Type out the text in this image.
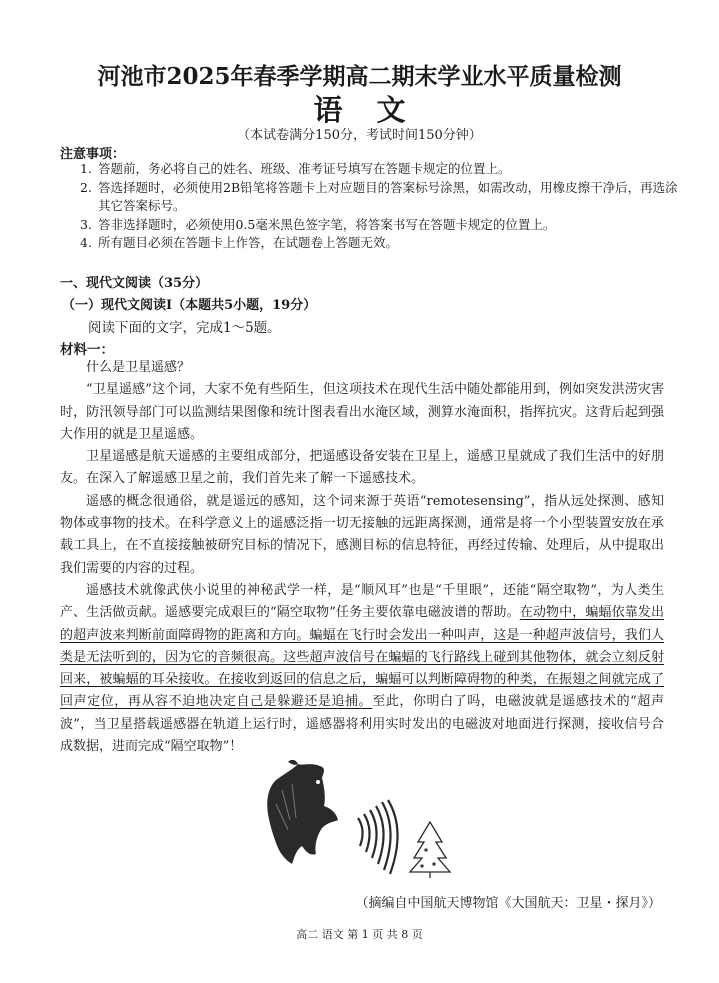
河池市2025年春季学期高二期末学业水平质量检测
语文
（本试卷满分150分，考试时间150分钟）
注意事项：
1. 答题前，务必将自己的姓名、班级、准考证号填写在答题卡规定的位置上。
2. 答选择题时，必须使用2B铅笔将答题卡上对应题目的答案标号涂黑，如需改动，用橡皮擦干净后，再选涂其它答案标号。
3. 答非选择题时，必须使用0.5毫米黑色签字笔，将答案书写在答题卡规定的位置上。
4. 所有题目必须在答题卡上作答，在试题卷上答题无效。
一、现代文阅读（35分）
（一）现代文阅读I（本题共5小题，19分）
阅读下面的文字，完成1～5题。
材料一：

什么是卫星遥感？

“卫星遥感”这个词，大家不免有些陌生，但这项技术在现代生活中随处都能用到，例如突发洪涝灾害时，防汛领导部门可以监测结果图像和统计图表看出水淹区域，测算水淹面积，指挥抗灾。这背后起到强大作用的就是卫星遥感。

卫星遥感是航天遥感的主要组成部分，把遥感设备安装在卫星上，遥感卫星就成了我们生活中的好朋友。在深入了解遥感卫星之前，我们首先来了解一下遥感技术。

遥感的概念很通俗，就是遥远的感知，这个词来源于英语“remotesensing”，指从远处探测、感知物体或事物的技术。在科学意义上的遥感泛指一切无接触的远距离探测，通常是将一个小型装置安放在承载工具上，在不直接接触被研究目标的情况下，感测目标的信息特征，再经过传输、处理后，从中提取出我们需要的内容的过程。

遥感技术就像武侠小说里的神秘武学一样，是“顺风耳”也是“千里眼”，还能“隔空取物”，为人类生产、生活做贡献。遥感要完成艰巨的“隔空取物”任务主要依靠电磁波谱的帮助。在动物中，蝙蝠依靠发出的超声波来判断前面障碍物的距离和方向。蝙蝠在飞行时会发出一种叫声，这是一种超声波信号，我们人类是无法听到的，因为它的音频很高。这些超声波信号在蝙蝠的飞行路线上碰到其他物体，就会立刻反射回来，被蝙蝠的耳朵接收。在接收到返回的信息之后，蝙蝠可以判断障碍物的种类，在振翅之间就完成了回声定位，再从容不迫地决定自己是躲避还是追捕。至此，你明白了吗，电磁波就是遥感技术的“超声波”，当卫星搭载遥感器在轨道上运行时，遥感器将利用实时发出的电磁波对地面进行探测，接收信号合成数据，进而完成“隔空取物”！

（摘编自中国航天博物馆《大国航天：卫星・探月》）
高二 语文 第 1 页 共 8 页
